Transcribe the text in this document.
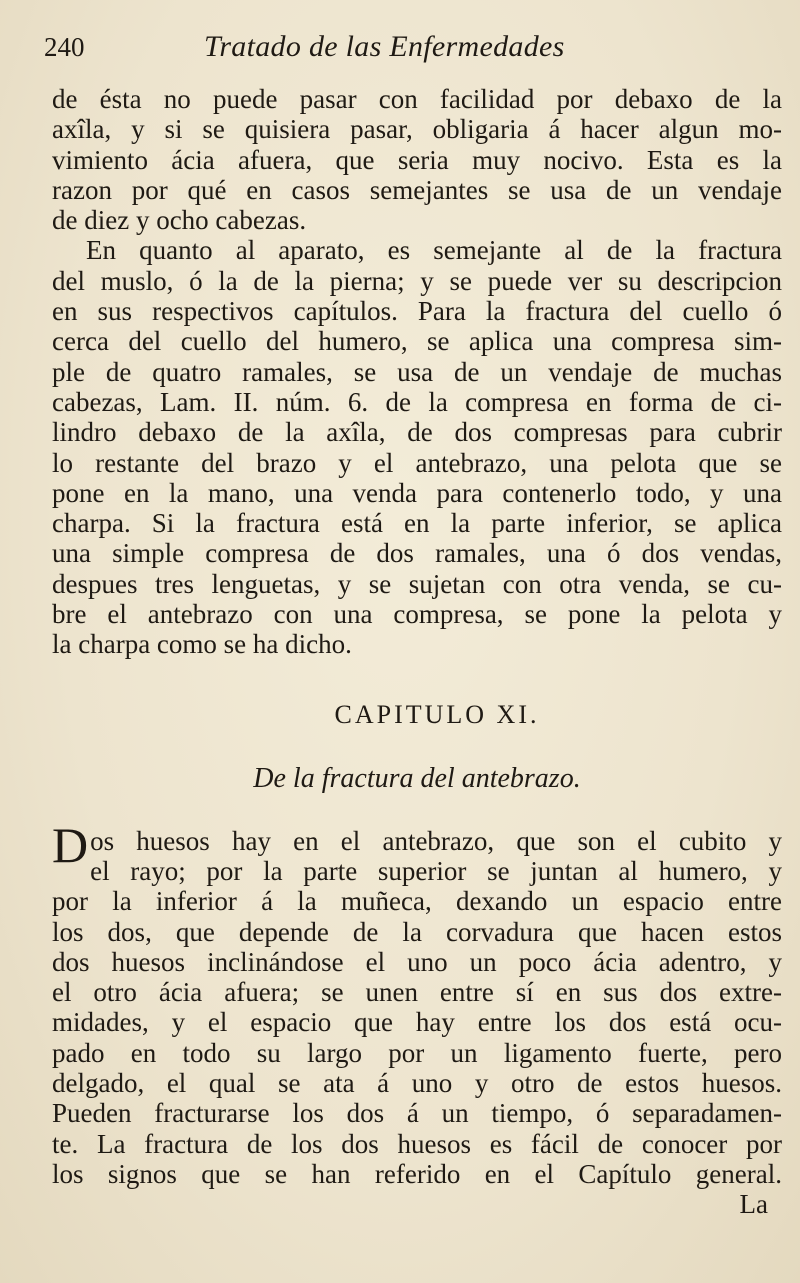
240	Tratado de las Enfermedades
de ésta no puede pasar con facilidad por debaxo de la
axîla, y si se quisiera pasar, obligaria á hacer algun mo-
vimiento ácia afuera, que seria muy nocivo. Esta es la
razon por qué en casos semejantes se usa de un vendaje
de diez y ocho cabezas.
En quanto al aparato, es semejante al de la fractura
del muslo, ó la de la pierna; y se puede ver su descripcion
en sus respectivos capítulos. Para la fractura del cuello ó
cerca del cuello del humero, se aplica una compresa sim-
ple de quatro ramales, se usa de un vendaje de muchas
cabezas, Lam. II. núm. 6. de la compresa en forma de ci-
lindro debaxo de la axîla, de dos compresas para cubrir
lo restante del brazo y el antebrazo, una pelota que se
pone en la mano, una venda para contenerlo todo, y una
charpa. Si la fractura está en la parte inferior, se aplica
una simple compresa de dos ramales, una ó dos vendas,
despues tres lenguetas, y se sujetan con otra venda, se cu-
bre el antebrazo con una compresa, se pone la pelota y
la charpa como se ha dicho.
CAPITULO XI.
De la fractura del antebrazo.
Dos huesos hay en el antebrazo, que son el cubito y
el rayo; por la parte superior se juntan al humero, y
por la inferior á la muñeca, dexando un espacio entre
los dos, que depende de la corvadura que hacen estos
dos huesos inclinándose el uno un poco ácia adentro, y
el otro ácia afuera; se unen entre sí en sus dos extre-
midades, y el espacio que hay entre los dos está ocu-
pado en todo su largo por un ligamento fuerte, pero
delgado, el qual se ata á uno y otro de estos huesos.
Pueden fracturarse los dos á un tiempo, ó separadamen-
te. La fractura de los dos huesos es fácil de conocer por
los signos que se han referido en el Capítulo general.
La
